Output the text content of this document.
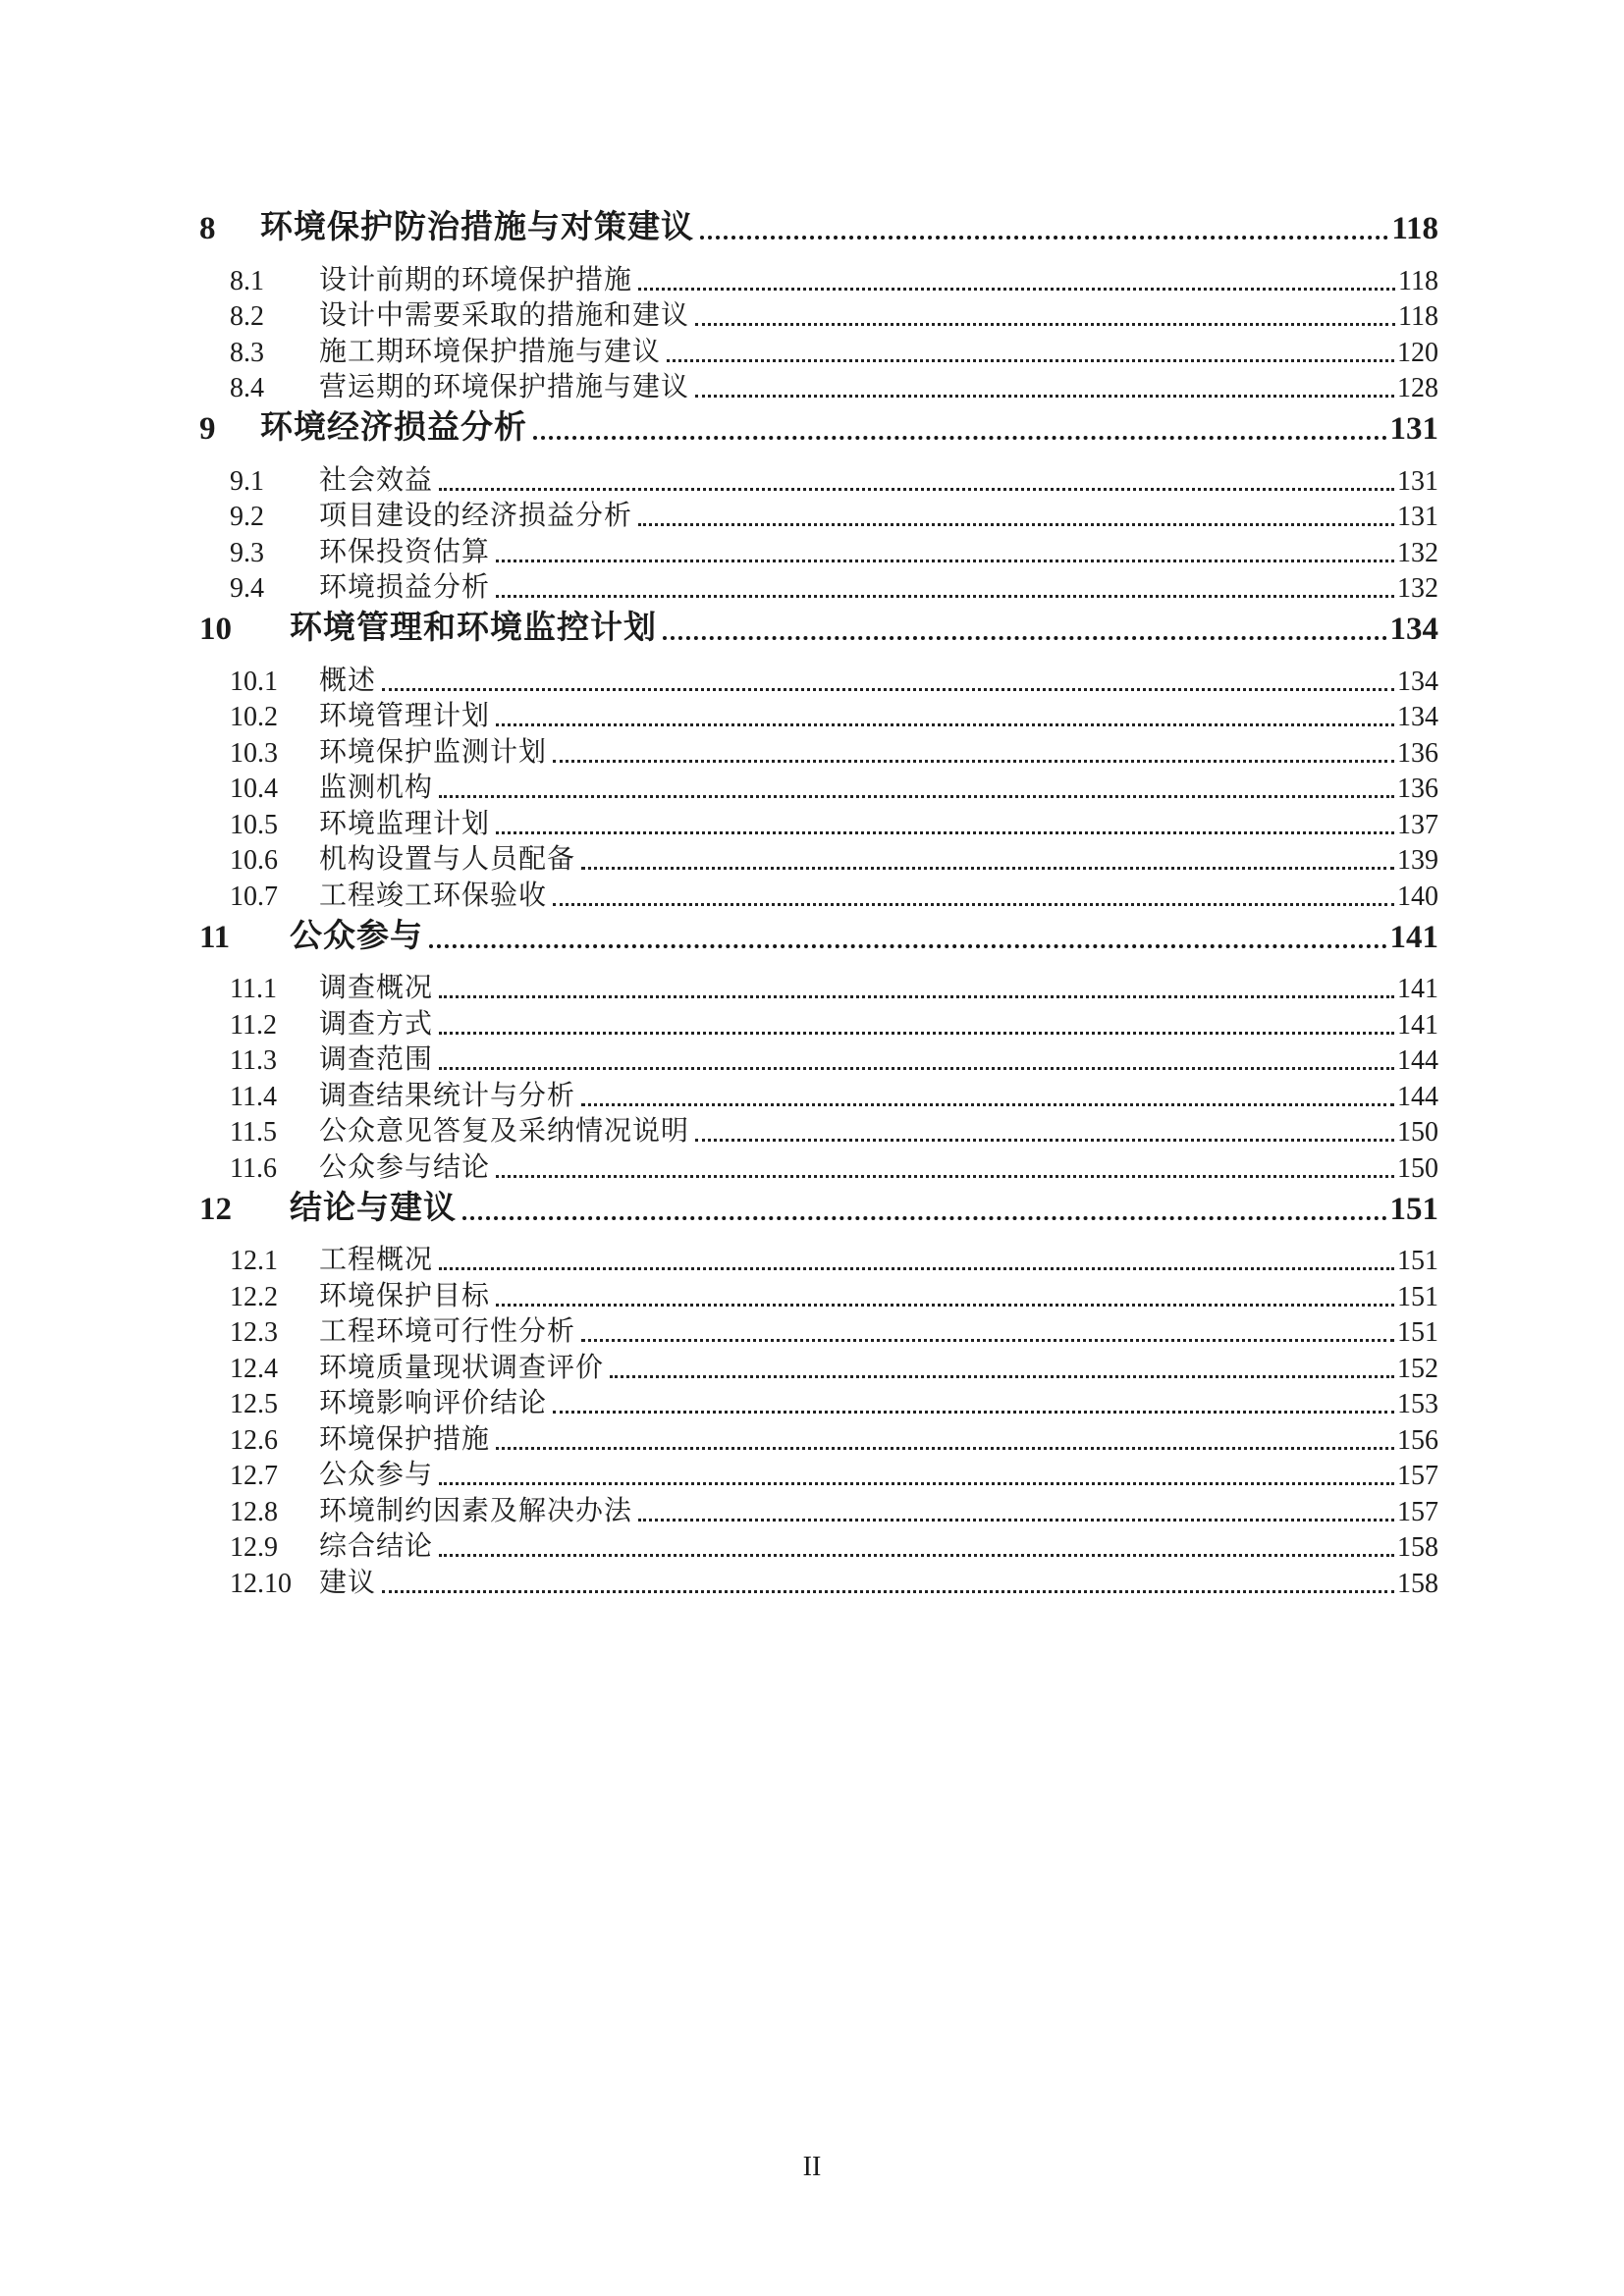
8	环境保护防治措施与对策建议	118
8.1	设计前期的环境保护措施	118
8.2	设计中需要采取的措施和建议	118
8.3	施工期环境保护措施与建议	120
8.4	营运期的环境保护措施与建议	128
9	环境经济损益分析	131
9.1	社会效益	131
9.2	项目建设的经济损益分析	131
9.3	环保投资估算	132
9.4	环境损益分析	132
10	环境管理和环境监控计划	134
10.1	概述	134
10.2	环境管理计划	134
10.3	环境保护监测计划	136
10.4	监测机构	136
10.5	环境监理计划	137
10.6	机构设置与人员配备	139
10.7	工程竣工环保验收	140
11	公众参与	141
11.1	调查概况	141
11.2	调查方式	141
11.3	调查范围	144
11.4	调查结果统计与分析	144
11.5	公众意见答复及采纳情况说明	150
11.6	公众参与结论	150
12	结论与建议	151
12.1	工程概况	151
12.2	环境保护目标	151
12.3	工程环境可行性分析	151
12.4	环境质量现状调查评价	152
12.5	环境影响评价结论	153
12.6	环境保护措施	156
12.7	公众参与	157
12.8	环境制约因素及解决办法	157
12.9	综合结论	158
12.10	建议	158
II
